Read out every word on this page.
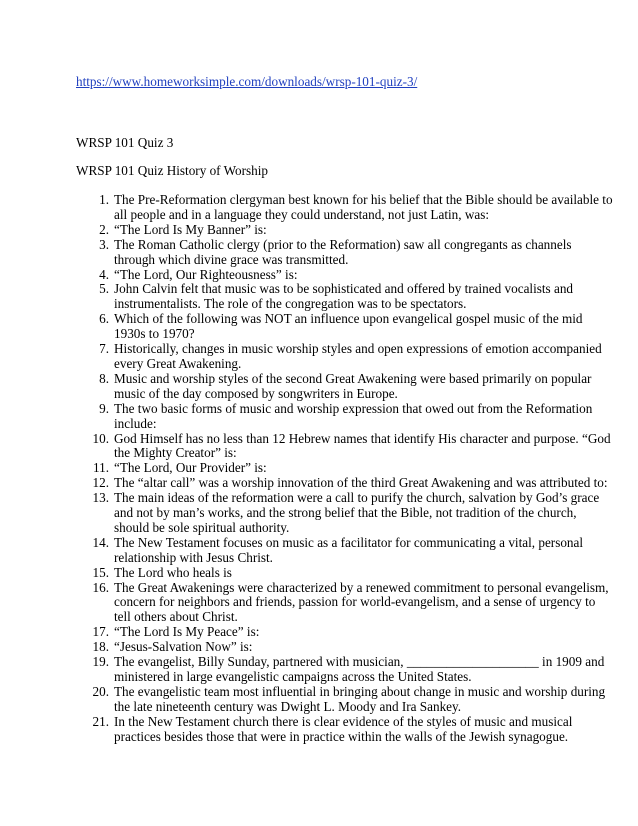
https://www.homeworksimple.com/downloads/wrsp-101-quiz-3/
WRSP 101 Quiz 3
WRSP 101 Quiz History of Worship
1. The Pre-Reformation clergyman best known for his belief that the Bible should be available to all people and in a language they could understand, not just Latin, was:
2. “The Lord Is My Banner” is:
3. The Roman Catholic clergy (prior to the Reformation) saw all congregants as channels through which divine grace was transmitted.
4. “The Lord, Our Righteousness” is:
5. John Calvin felt that music was to be sophisticated and offered by trained vocalists and instrumentalists. The role of the congregation was to be spectators.
6. Which of the following was NOT an influence upon evangelical gospel music of the mid 1930s to 1970?
7. Historically, changes in music worship styles and open expressions of emotion accompanied every Great Awakening.
8. Music and worship styles of the second Great Awakening were based primarily on popular music of the day composed by songwriters in Europe.
9. The two basic forms of music and worship expression that owed out from the Reformation include:
10. God Himself has no less than 12 Hebrew names that identify His character and purpose. “God the Mighty Creator” is:
11. “The Lord, Our Provider” is:
12. The “altar call” was a worship innovation of the third Great Awakening and was attributed to:
13. The main ideas of the reformation were a call to purify the church, salvation by God’s grace and not by man’s works, and the strong belief that the Bible, not tradition of the church, should be sole spiritual authority.
14. The New Testament focuses on music as a facilitator for communicating a vital, personal relationship with Jesus Christ.
15. The Lord who heals is
16. The Great Awakenings were characterized by a renewed commitment to personal evangelism, concern for neighbors and friends, passion for world-evangelism, and a sense of urgency to tell others about Christ.
17. “The Lord Is My Peace” is:
18. “Jesus-Salvation Now” is:
19. The evangelist, Billy Sunday, partnered with musician, ____________________ in 1909 and ministered in large evangelistic campaigns across the United States.
20. The evangelistic team most influential in bringing about change in music and worship during the late nineteenth century was Dwight L. Moody and Ira Sankey.
21. In the New Testament church there is clear evidence of the styles of music and musical practices besides those that were in practice within the walls of the Jewish synagogue.
